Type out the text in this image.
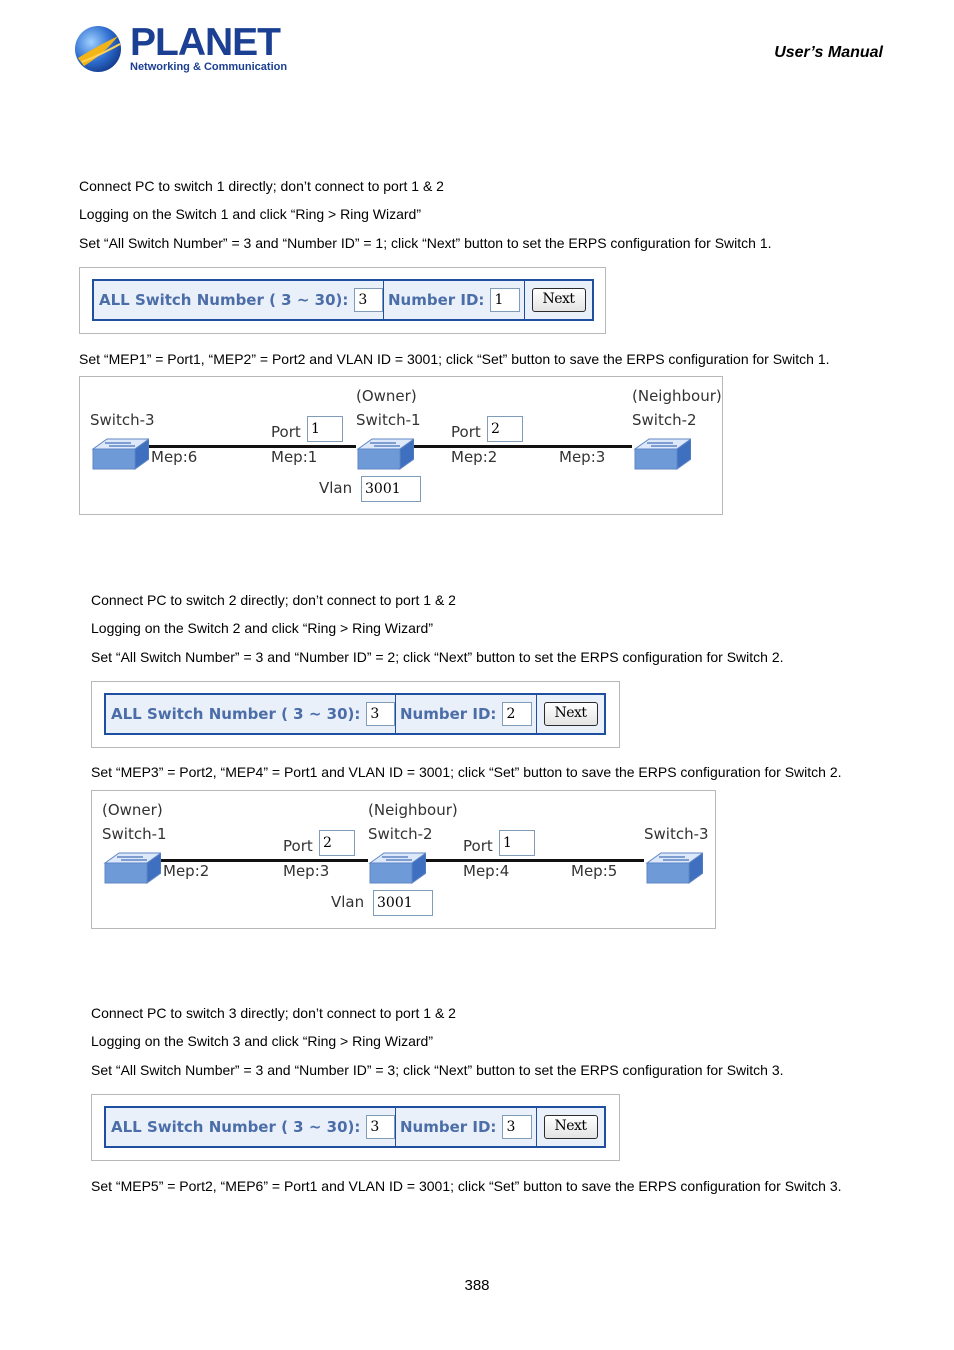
PLANET
Networking & Communication
User’s Manual
Connect PC to switch 1 directly; don’t connect to port 1 & 2
Logging on the Switch 1 and click “Ring > Ring Wizard”
Set “All Switch Number” = 3 and “Number ID” = 1; click “Next” button to set the ERPS configuration for Switch 1.
ALL Switch Number ( 3 ~ 30): 3	Number ID: 1	Next
Set “MEP1” = Port1, “MEP2” = Port2 and VLAN ID = 3001; click “Set” button to save the ERPS configuration for Switch 1.
Switch-3
(Owner)
Switch-1
(Neighbour)
Switch-2
Port 1	Port 2
Mep:6	Mep:1	Mep:2	Mep:3
Vlan 3001
Connect PC to switch 2 directly; don’t connect to port 1 & 2
Logging on the Switch 2 and click “Ring > Ring Wizard”
Set “All Switch Number” = 3 and “Number ID” = 2; click “Next” button to set the ERPS configuration for Switch 2.
ALL Switch Number ( 3 ~ 30): 3	Number ID: 2	Next
Set “MEP3” = Port2, “MEP4” = Port1 and VLAN ID = 3001; click “Set” button to save the ERPS configuration for Switch 2.
(Owner)
Switch-1
(Neighbour)
Switch-2	Switch-3
Port 2	Port 1
Mep:2	Mep:3	Mep:4	Mep:5
Vlan 3001
Connect PC to switch 3 directly; don’t connect to port 1 & 2
Logging on the Switch 3 and click “Ring > Ring Wizard”
Set “All Switch Number” = 3 and “Number ID” = 3; click “Next” button to set the ERPS configuration for Switch 3.
ALL Switch Number ( 3 ~ 30): 3	Number ID: 3	Next
Set “MEP5” = Port2, “MEP6” = Port1 and VLAN ID = 3001; click “Set” button to save the ERPS configuration for Switch 3.
388
